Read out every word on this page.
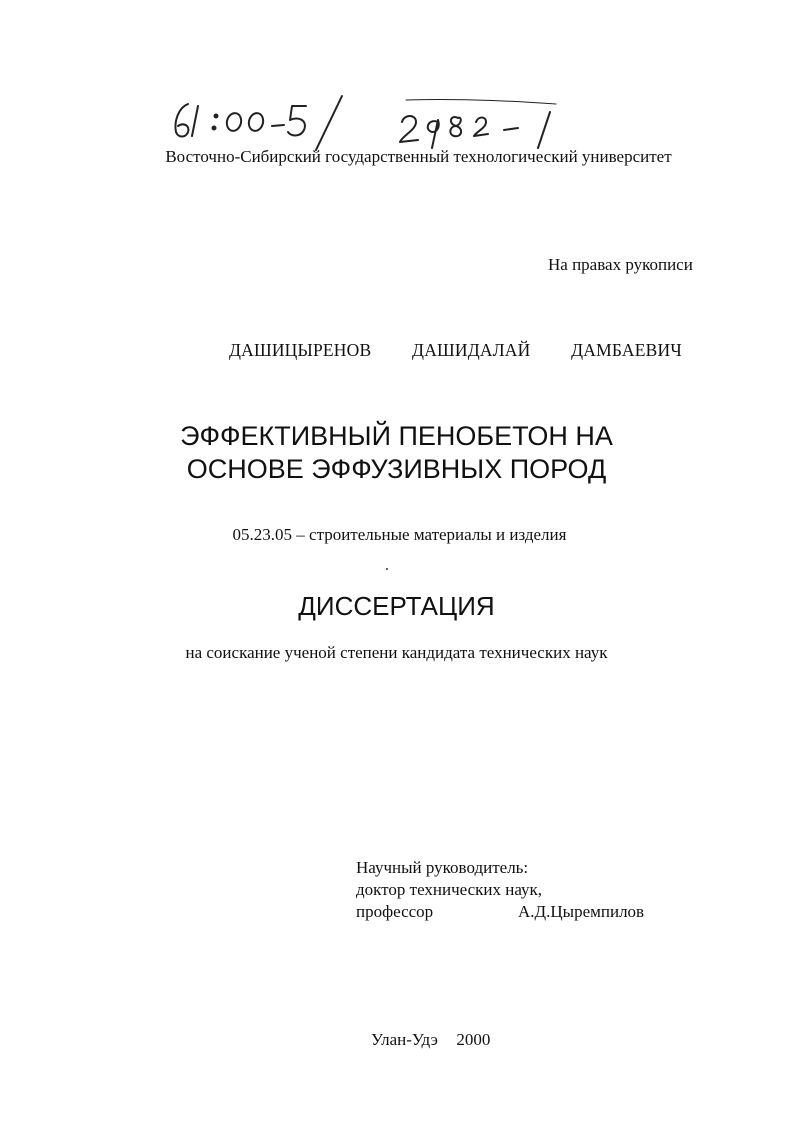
Восточно-Сибирский государственный технологический университет
На правах рукописи
ДАШИЦЫРЕНОВ   ДАШИДАЛАЙ   ДАМБАЕВИЧ
ЭФФЕКТИВНЫЙ ПЕНОБЕТОН НА
ОСНОВЕ ЭФФУЗИВНЫХ ПОРОД
05.23.05 – строительные материалы и изделия
ДИССЕРТАЦИЯ
на соискание ученой степени кандидата технических наук
Научный руководитель:
доктор технических наук,
профессор	А.Д.Цыремпилов
Улан-Удэ  2000
